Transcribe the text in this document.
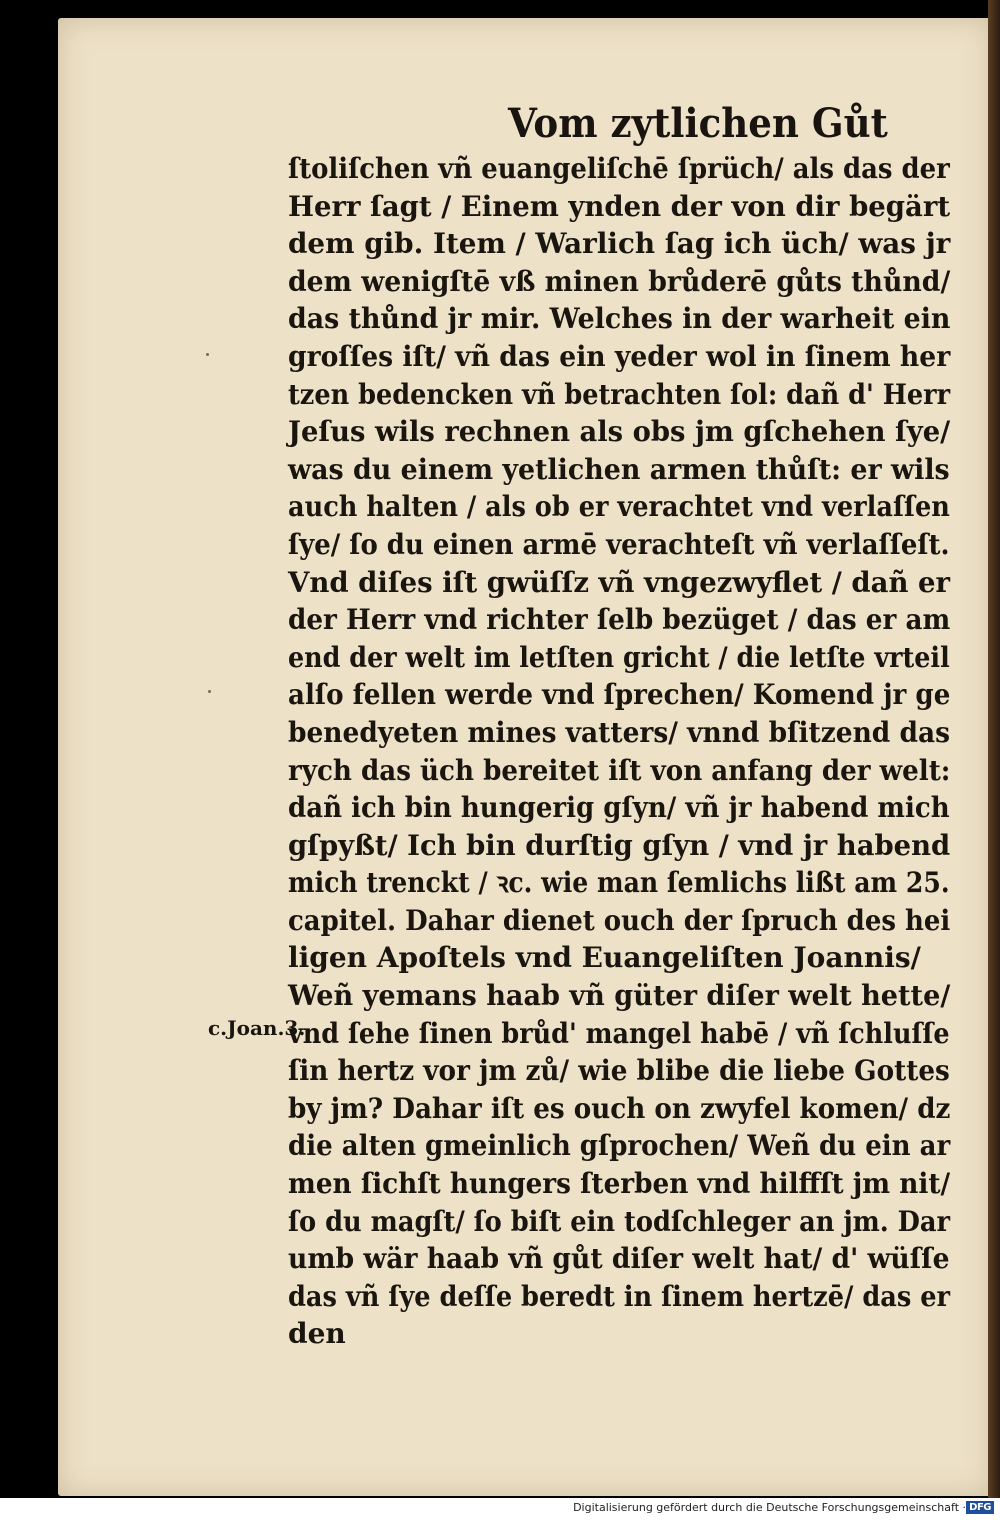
Vom zytlichen Gůt
c.Joan.3.
ſtoliſchen vñ euangeliſchē ſprüch/ als das der
Herr ſagt / Einem ynden der von dir begärt
dem gib. Item / Warlich ſag ich üch/ was jr
dem wenigſtē vß minen brůderē gůts thůnd/
das thůnd jr mir. Welches in der warheit ein
groſſes iſt/ vñ das ein yeder wol in ſinem her
tzen bedencken vñ betrachten ſol: dañ d' Herr
Jeſus wils rechnen als obs jm gſchehen ſye/
was du einem yetlichen armen thůſt: er wils
auch halten / als ob er verachtet vnd verlaſſen
ſye/ ſo du einen armē verachteſt vñ verlaſſeſt.
Vnd diſes iſt gwüſſz vñ vngezwyflet / dañ er
der Herr vnd richter ſelb bezüget / das er am
end der welt im letſten gricht / die letſte vrteil
alſo fellen werde vnd ſprechen/ Komend jr ge
benedyeten mines vatters/ vnnd bſitzend das
rych das üch bereitet iſt von anfang der welt:
dañ ich bin hungerig gſyn/ vñ jr habend mich
gſpyßt/ Ich bin durſtig gſyn / vnd jr habend
mich trenckt / ꝛc. wie man ſemlichs lißt am 25.
capitel. Dahar dienet ouch der ſpruch des hei
ligen Apoſtels vnd Euangeliſten Joannis/
Weñ yemans haab vñ güter diſer welt hette/
vnd ſehe ſinen brůd' mangel habē / vñ ſchluſſe
ſin hertz vor jm zů/ wie blibe die liebe Gottes
by jm? Dahar iſt es ouch on zwyfel komen/ dz
die alten gmeinlich gſprochen/ Weñ du ein ar
men ſichſt hungers ſterben vnd hilffſt jm nit/
ſo du magſt/ ſo biſt ein todſchleger an jm. Dar
umb wär haab vñ gůt diſer welt hat/ d' wüſſe
das vñ ſye deſſe beredt in ſinem hertzē/ das er
den
Digitalisierung gefördert durch die Deutsche Forschungsgemeinschaft · DFG
